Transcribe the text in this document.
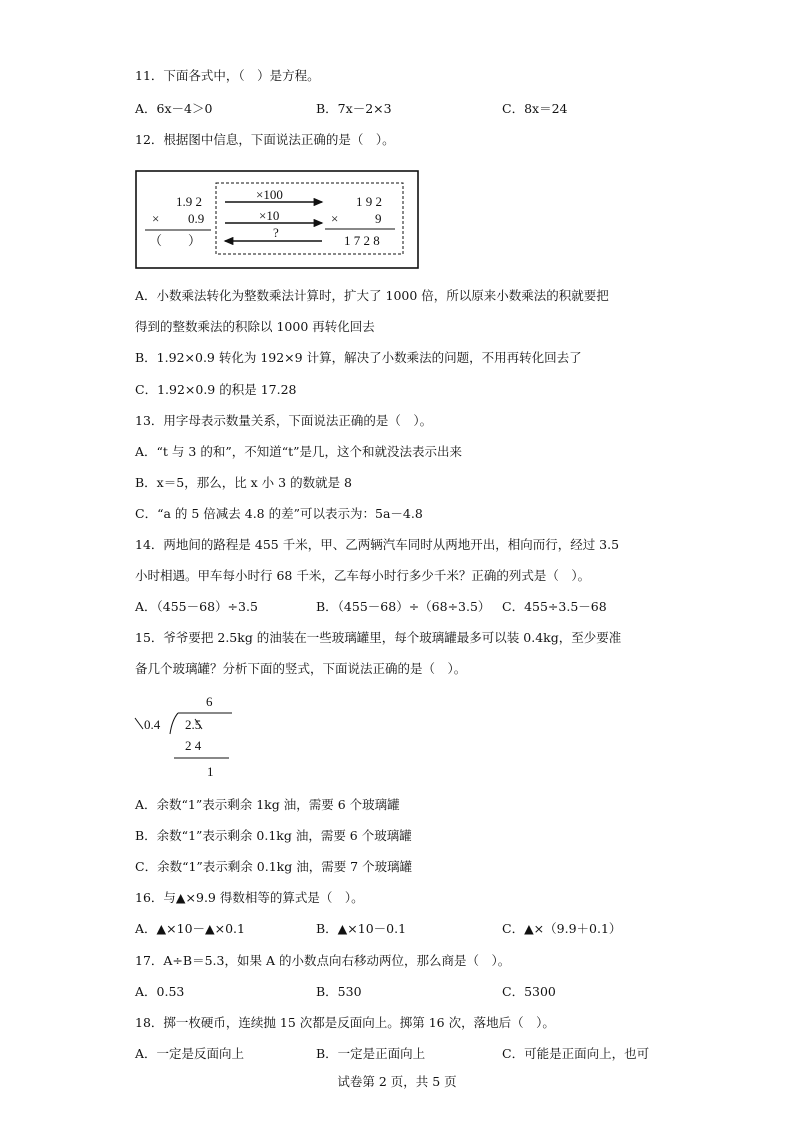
11．下面各式中，（　）是方程。
A．6x－4＞0	B．7x－2×3	C．8x＝24
12．根据图中信息，下面说法正确的是（　）。
1.9 2
× 0.9
（　　）
×100
×10
?
1 9 2
×	9
1 7 2 8
A．小数乘法转化为整数乘法计算时，扩大了 1000 倍，所以原来小数乘法的积就要把
得到的整数乘法的积除以 1000 再转化回去
B．1.92×0.9 转化为 192×9 计算，解决了小数乘法的问题，不用再转化回去了
C．1.92×0.9 的积是 17.28
13．用字母表示数量关系，下面说法正确的是（　）。
A．“t 与 3 的和”，不知道“t”是几，这个和就没法表示出来
B．x＝5，那么，比 x 小 3 的数就是 8
C．“a 的 5 倍减去 4.8 的差”可以表示为：5a－4.8
14．两地间的路程是 455 千米，甲、乙两辆汽车同时从两地开出，相向而行，经过 3.5
小时相遇。甲车每小时行 68 千米，乙车每小时行多少千米？正确的列式是（　）。
A．（455－68）÷3.5	B．（455－68）÷（68÷3.5） C．455÷3.5－68
15．爷爷要把 2.5kg 的油装在一些玻璃罐里，每个玻璃罐最多可以装 0.4kg，至少要准
备几个玻璃罐？分析下面的竖式，下面说法正确的是（　）。
6
0.4 2.5
2 4
1
A．余数“1”表示剩余 1kg 油，需要 6 个玻璃罐
B．余数“1”表示剩余 0.1kg 油，需要 6 个玻璃罐
C．余数“1”表示剩余 0.1kg 油，需要 7 个玻璃罐
16．与▲×9.9 得数相等的算式是（　）。
A．▲×10－▲×0.1	B．▲×10－0.1	C．▲×（9.9＋0.1）
17．A÷B＝5.3，如果 A 的小数点向右移动两位，那么商是（　）。
A．0.53	B．530	C．5300
18．掷一枚硬币，连续抛 15 次都是反面向上。掷第 16 次，落地后（　）。
A．一定是反面向上	B．一定是正面向上	C．可能是正面向上，也可
试卷第 2 页，共 5 页
